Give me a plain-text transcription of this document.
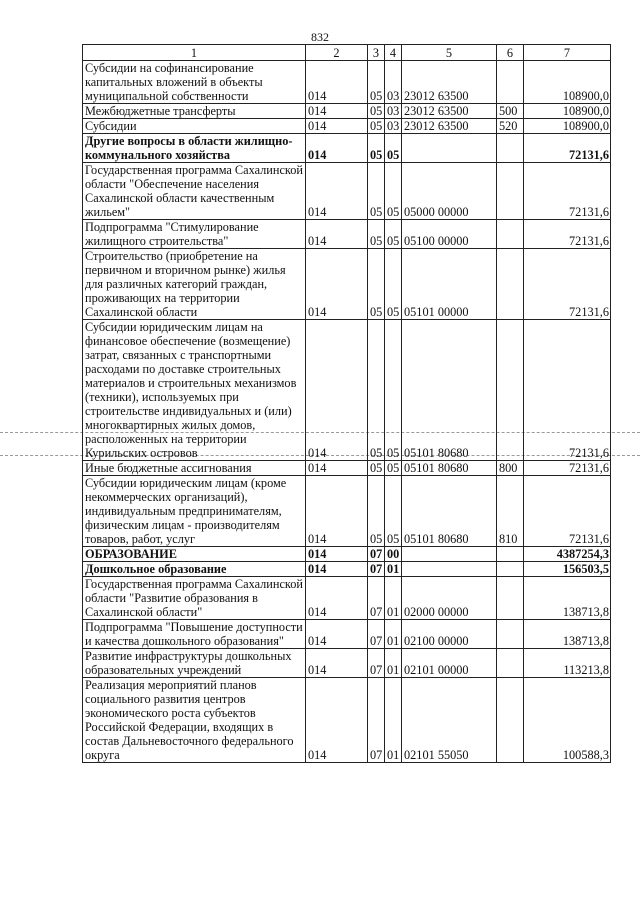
832
1	2	3	4	5	6	7
Субсидии на софинансирование капитальных вложений в объекты муниципальной собственности	014	05	03	23012 63500		108900,0
Межбюджетные трансферты	014	05	03	23012 63500	500	108900,0
Субсидии	014	05	03	23012 63500	520	108900,0
Другие вопросы в области жилищно-коммунального хозяйства	014	05	05			72131,6
Государственная программа Сахалинской области "Обеспечение населения Сахалинской области качественным жильем"	014	05	05	05000 00000		72131,6
Подпрограмма "Стимулирование жилищного строительства"	014	05	05	05100 00000		72131,6
Строительство (приобретение на первичном и вторичном рынке) жилья для различных категорий граждан, проживающих на территории Сахалинской области	014	05	05	05101 00000		72131,6
Субсидии юридическим лицам на финансовое обеспечение (возмещение) затрат, связанных с транспортными расходами по доставке строительных материалов и строительных механизмов (техники), используемых при строительстве индивидуальных и (или) многоквартирных жилых домов, расположенных на территории Курильских островов	014	05	05	05101 80680		72131,6
Иные бюджетные ассигнования	014	05	05	05101 80680	800	72131,6
Субсидии юридическим лицам (кроме некоммерческих организаций), индивидуальным предпринимателям, физическим лицам - производителям товаров, работ, услуг	014	05	05	05101 80680	810	72131,6
ОБРАЗОВАНИЕ	014	07	00			4387254,3
Дошкольное образование	014	07	01			156503,5
Государственная программа Сахалинской области "Развитие образования в Сахалинской области"	014	07	01	02000 00000		138713,8
Подпрограмма "Повышение доступности и качества дошкольного образования"	014	07	01	02100 00000		138713,8
Развитие инфраструктуры дошкольных образовательных учреждений	014	07	01	02101 00000		113213,8
Реализация мероприятий планов социального развития центров экономического роста субъектов Российской Федерации, входящих в состав Дальневосточного федерального округа	014	07	01	02101 55050		100588,3
